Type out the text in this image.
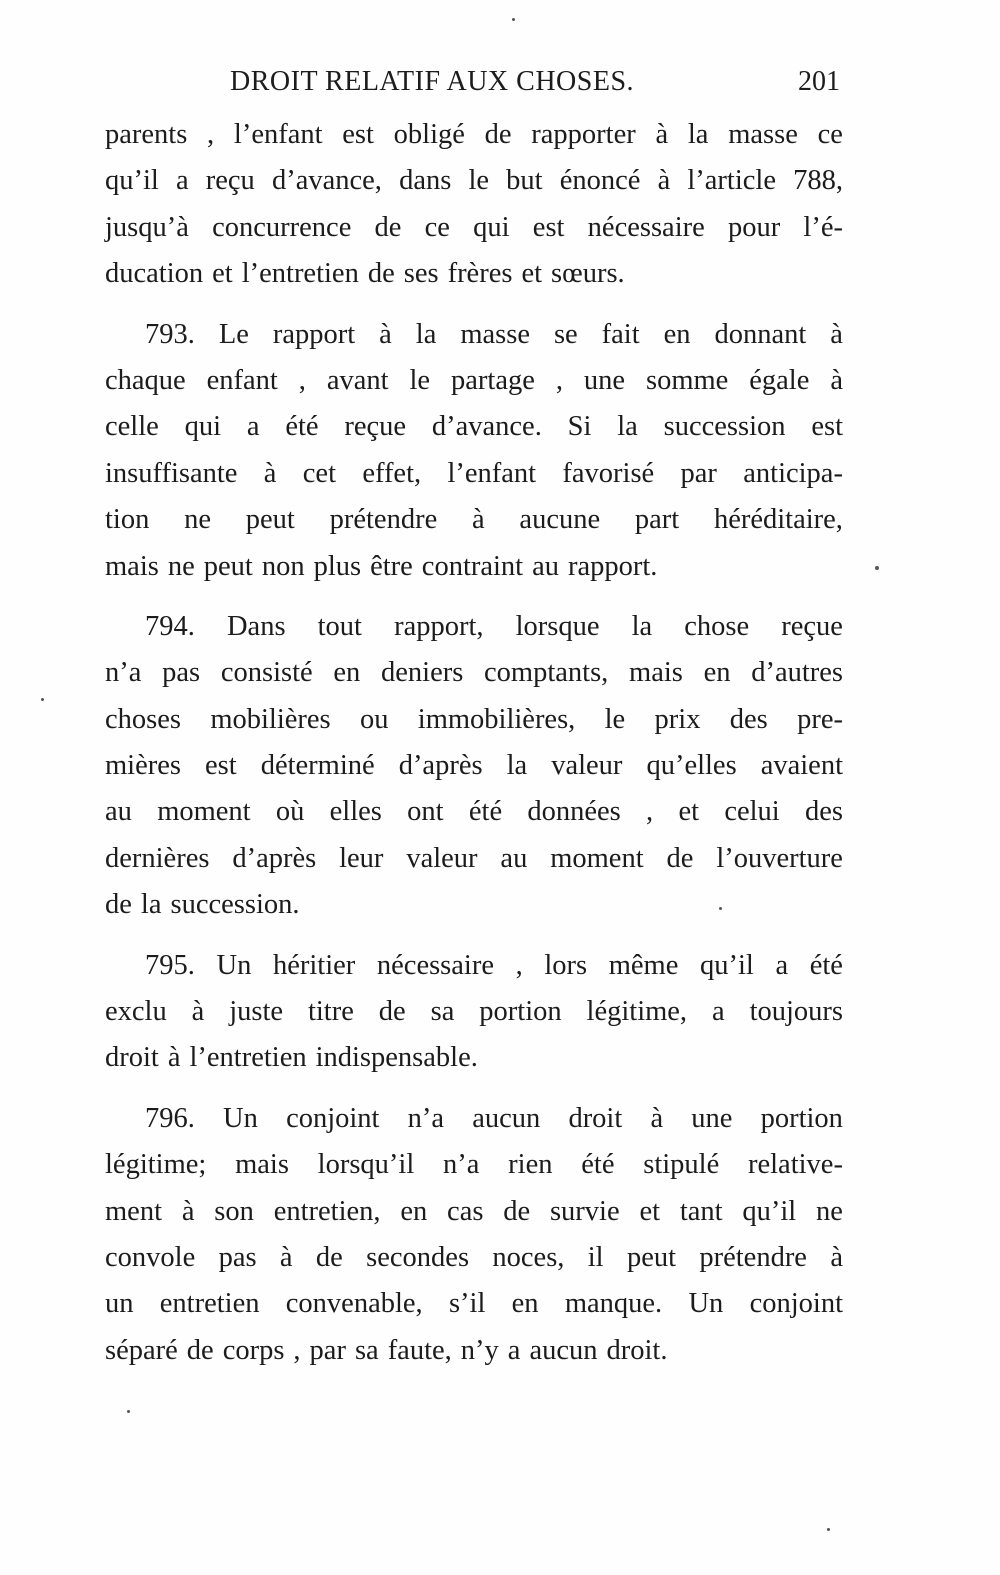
DROIT RELATIF AUX CHOSES.	201
parents , l’enfant est obligé de rapporter à la masse ce
qu’il a reçu d’avance, dans le but énoncé à l’article 788,
jusqu’à concurrence de ce qui est nécessaire pour l’é-
ducation et l’entretien de ses frères et sœurs.
793. Le rapport à la masse se fait en donnant à
chaque enfant , avant le partage , une somme égale à
celle qui a été reçue d’avance. Si la succession est
insuffisante à cet effet, l’enfant favorisé par anticipa-
tion ne peut prétendre à aucune part héréditaire,
mais ne peut non plus être contraint au rapport.
794. Dans tout rapport, lorsque la chose reçue
n’a pas consisté en deniers comptants, mais en d’autres
choses mobilières ou immobilières, le prix des pre-
mières est déterminé d’après la valeur qu’elles avaient
au moment où elles ont été données , et celui des
dernières d’après leur valeur au moment de l’ouverture
de la succession.
795. Un héritier nécessaire , lors même qu’il a été
exclu à juste titre de sa portion légitime, a toujours
droit à l’entretien indispensable.
796. Un conjoint n’a aucun droit à une portion
légitime; mais lorsqu’il n’a rien été stipulé relative-
ment à son entretien, en cas de survie et tant qu’il ne
convole pas à de secondes noces, il peut prétendre à
un entretien convenable, s’il en manque. Un conjoint
séparé de corps , par sa faute, n’y a aucun droit.
